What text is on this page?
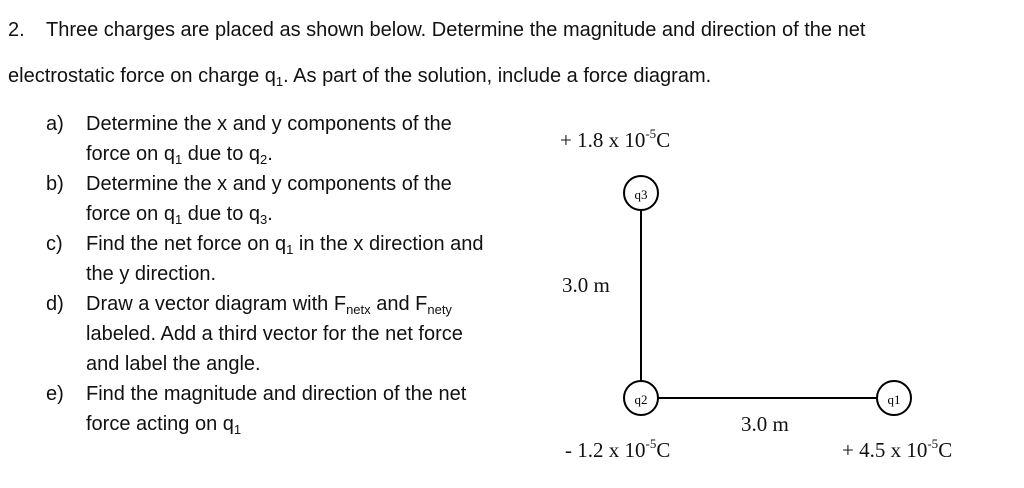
2. Three charges are placed as shown below. Determine the magnitude and direction of the net
electrostatic force on charge $q_1$. As part of the solution, include a force diagram.
a)	Determine the x and y components of the
force on $q_1$ due to $q_2$.
b)	Determine the x and y components of the
force on $q_1$ due to $q_3$.
c)	Find the net force on $q_1$ in the x direction and
the y direction.
d)	Draw a vector diagram with $F_{netx}$ and $F_{nety}$
labeled. Add a third vector for the net force
and label the angle.
e)	Find the magnitude and direction of the net
force acting on $q_1$
q3
q2	q1
+ 1.8 x $10^{-5}C$
3.0 m
3.0 m
- 1.2 x $10^{-5}C$	+ 4.5 x $10^{-5}C$
